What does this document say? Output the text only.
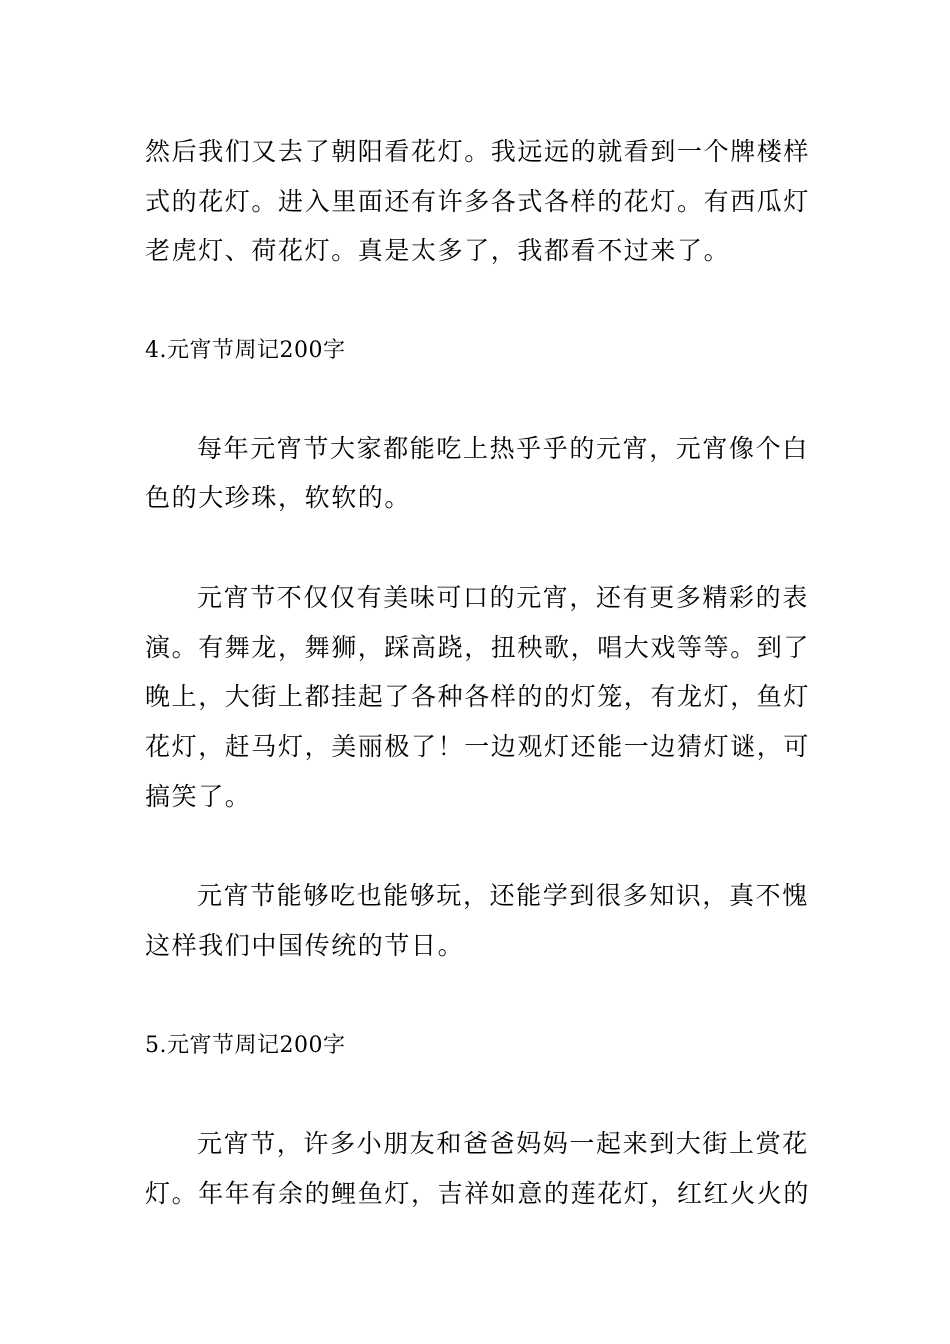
然后我们又去了朝阳看花灯。我远远的就看到一个牌楼样
式的花灯。进入里面还有许多各式各样的花灯。有西瓜灯
老虎灯、荷花灯。真是太多了，我都看不过来了。
4.元宵节周记200字
每年元宵节大家都能吃上热乎乎的元宵，元宵像个白
色的大珍珠，软软的。
元宵节不仅仅有美味可口的元宵，还有更多精彩的表
演。有舞龙，舞狮，踩高跷，扭秧歌，唱大戏等等。到了
晚上，大街上都挂起了各种各样的的灯笼，有龙灯，鱼灯
花灯，赶马灯，美丽极了！一边观灯还能一边猜灯谜，可
搞笑了。
元宵节能够吃也能够玩，还能学到很多知识，真不愧
这样我们中国传统的节日。
5.元宵节周记200字
元宵节，许多小朋友和爸爸妈妈一起来到大街上赏花
灯。年年有余的鲤鱼灯，吉祥如意的莲花灯，红红火火的
